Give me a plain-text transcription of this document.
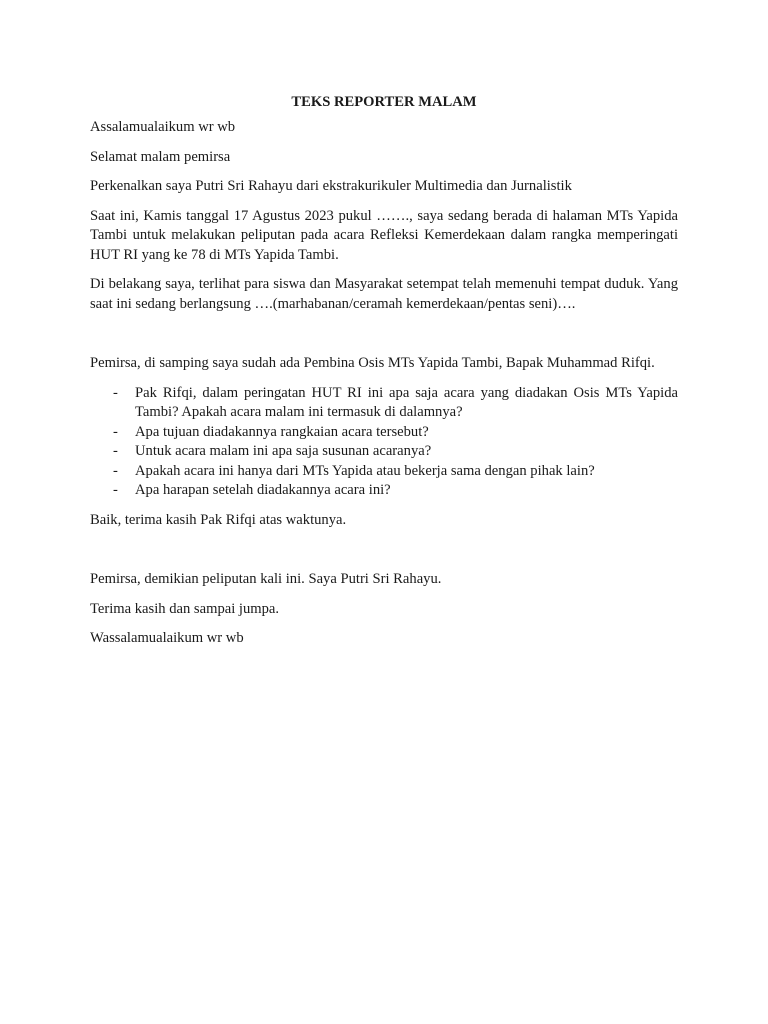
TEKS REPORTER MALAM
Assalamualaikum wr wb
Selamat malam pemirsa
Perkenalkan saya Putri Sri Rahayu dari ekstrakurikuler Multimedia dan Jurnalistik
Saat ini, Kamis tanggal 17 Agustus 2023 pukul ……., saya sedang berada di halaman MTs Yapida Tambi untuk melakukan peliputan pada acara Refleksi Kemerdekaan dalam rangka memperingati HUT RI yang ke 78 di MTs Yapida Tambi.
Di belakang saya, terlihat para siswa dan Masyarakat setempat telah memenuhi tempat duduk. Yang saat ini sedang berlangsung ….(marhabanan/ceramah kemerdekaan/pentas seni)….
Pemirsa, di samping saya sudah ada Pembina Osis MTs Yapida Tambi, Bapak Muhammad Rifqi.
- Pak Rifqi, dalam peringatan HUT RI ini apa saja acara yang diadakan Osis MTs Yapida Tambi? Apakah acara malam ini termasuk di dalamnya?
- Apa tujuan diadakannya rangkaian acara tersebut?
- Untuk acara malam ini apa saja susunan acaranya?
- Apakah acara ini hanya dari MTs Yapida atau bekerja sama dengan pihak lain?
- Apa harapan setelah diadakannya acara ini?
Baik, terima kasih Pak Rifqi atas waktunya.
Pemirsa, demikian peliputan kali ini. Saya Putri Sri Rahayu.
Terima kasih dan sampai jumpa.
Wassalamualaikum wr wb
